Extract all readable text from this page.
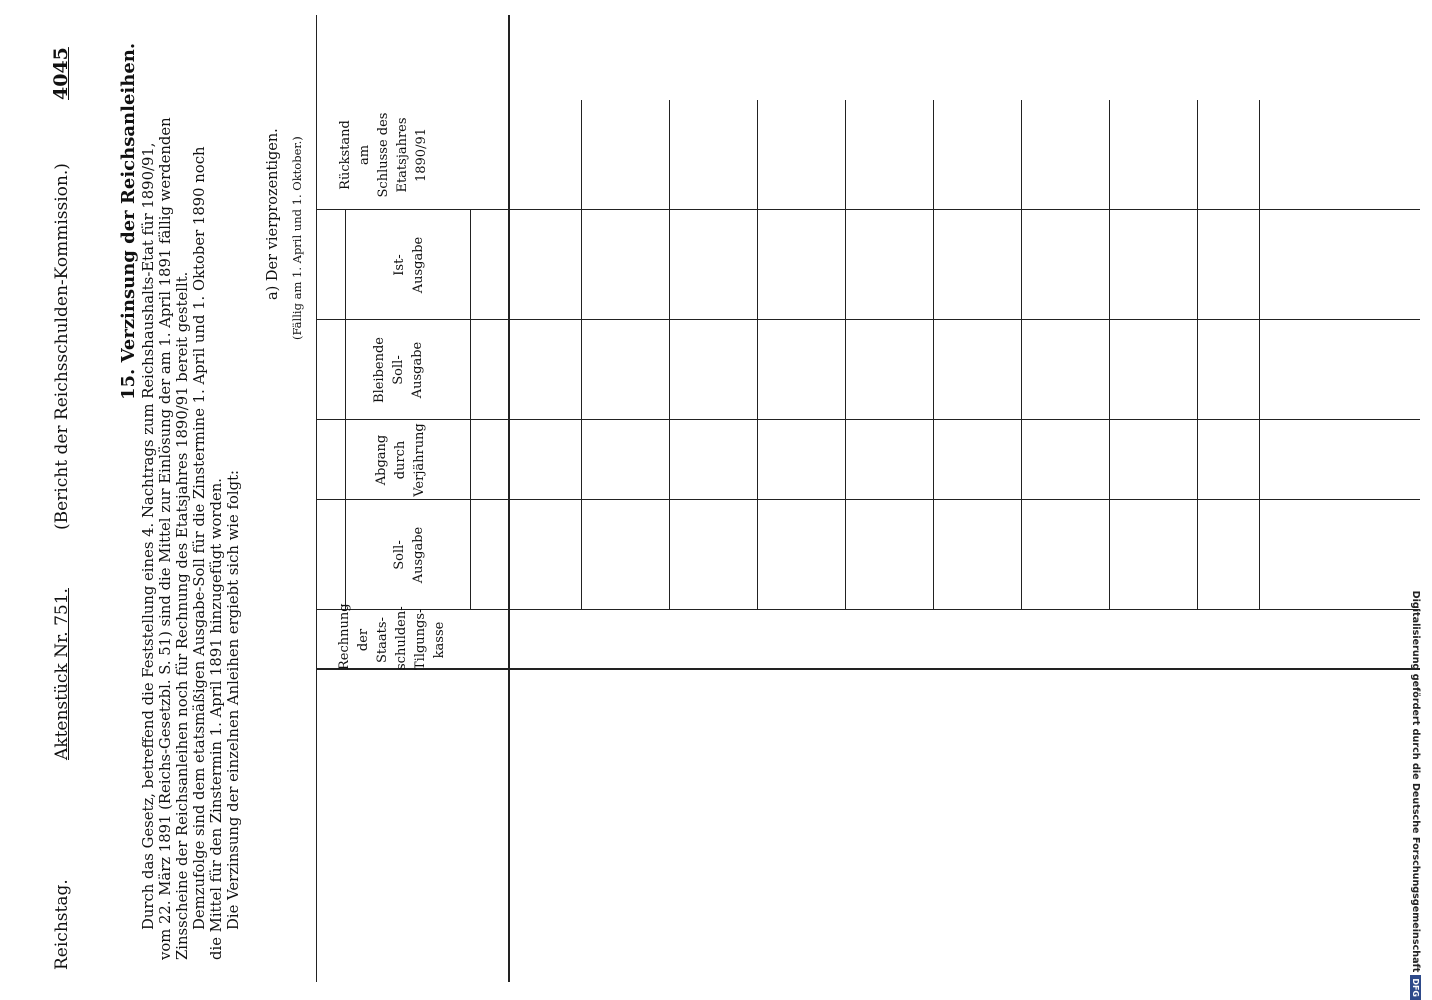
Reichstag.
Aktenstück Nr. 751.
(Bericht der Reichsschulden-Kommission.)
4045	15. Verzinsung der Reichsanleihen. Durch das Gesetz, betreffend die Feststellung eines 4. Nachtrags zum Reichshaushalts-Etat für 1890/91, vom 22. März 1891 (Reichs-Gesetzbl. S. 51) sind die Mittel zur Einlösung der am 1. April 1891 fällig werdenden Zinsscheine der Reichsanleihen noch für Rechnung des Etatsjahres 1890/91 bereit gestellt. Demzufolge sind dem etatsmäßigen Ausgabe-Soll für die Zinstermine 1. April und 1. Oktober 1890 noch die Mittel für den Zinstermin 1. April 1891 hinzugefügt worden. Die Verzinsung der einzelnen Anleihen ergiebt sich wie folgt:
a) Der vierprozentigen. (Fällig am 1. April und 1. Oktober.)
Rechnung der Staats- schulden- Tilgungs- kasse
Soll- Ausgabe
Abgang durch Verjährung
Bleibende Soll- Ausgabe
Ist- Ausgabe
Rückstand am Schlusse des Etatsjahres 1890/91
Digitalisierung gefördert durch die Deutsche Forschungsgemeinschaft
DFG
